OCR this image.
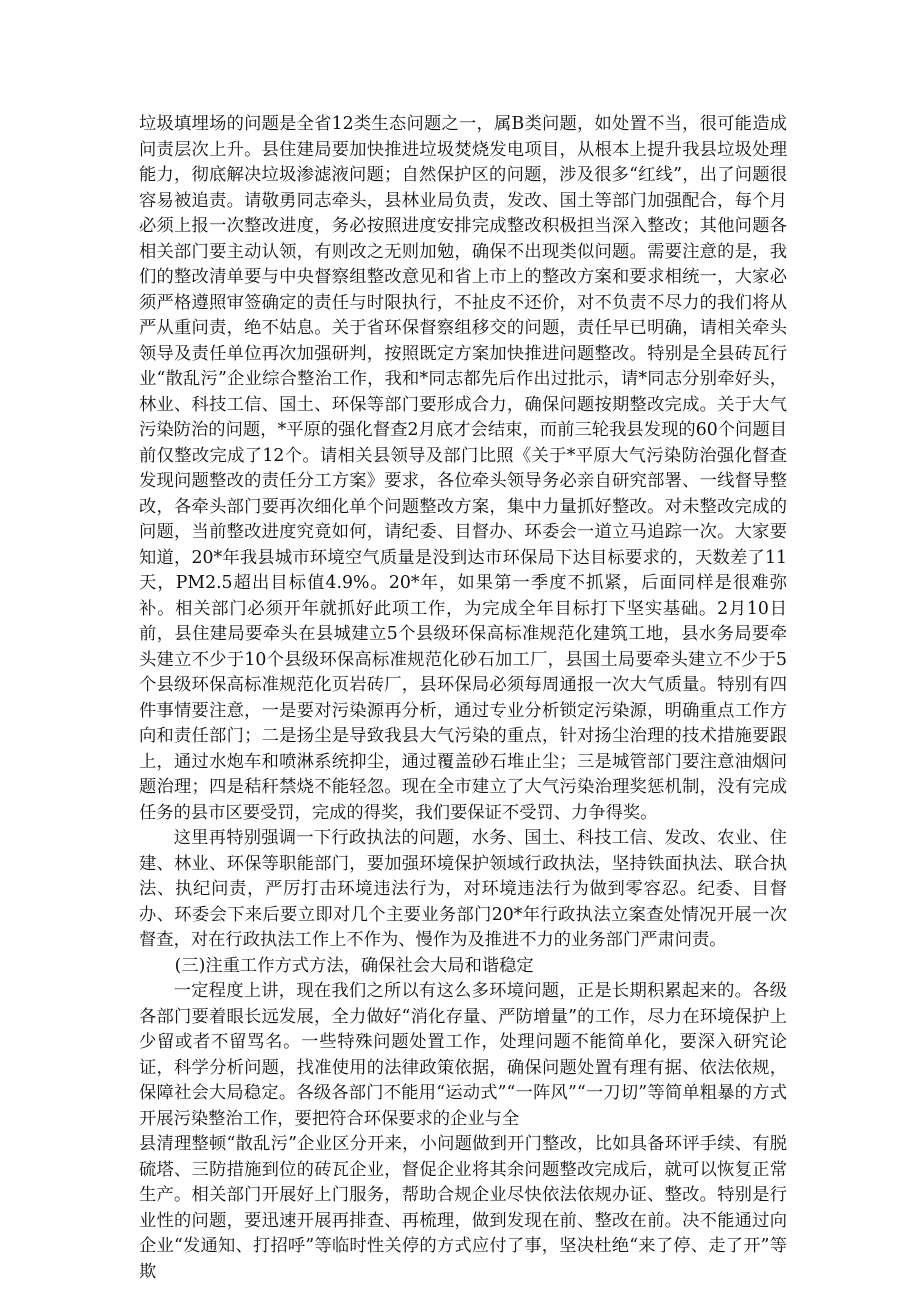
垃圾填埋场的问题是全省12类生态问题之一，属B类问题，如处置不当，很可能造成问责层次上升。县住建局要加快推进垃圾焚烧发电项目，从根本上提升我县垃圾处理能力，彻底解决垃圾渗滤液问题；自然保护区的问题，涉及很多“红线”，出了问题很容易被追责。请敬勇同志牵头，县林业局负责，发改、国土等部门加强配合，每个月必须上报一次整改进度，务必按照进度安排完成整改积极担当深入整改；其他问题各相关部门要主动认领，有则改之无则加勉，确保不出现类似问题。需要注意的是，我们的整改清单要与中央督察组整改意见和省上市上的整改方案和要求相统一，大家必须严格遵照审签确定的责任与时限执行，不扯皮不还价，对不负责不尽力的我们将从严从重问责，绝不姑息。关于省环保督察组移交的问题，责任早已明确，请相关牵头领导及责任单位再次加强研判，按照既定方案加快推进问题整改。特别是全县砖瓦行业“散乱污”企业综合整治工作，我和*同志都先后作出过批示，请*同志分别牵好头，林业、科技工信、国土、环保等部门要形成合力，确保问题按期整改完成。关于大气污染防治的问题，*平原的强化督查2月底才会结束，而前三轮我县发现的60个问题目前仅整改完成了12个。请相关县领导及部门比照《关于*平原大气污染防治强化督查发现问题整改的责任分工方案》要求，各位牵头领导务必亲自研究部署、一线督导整改，各牵头部门要再次细化单个问题整改方案，集中力量抓好整改。对未整改完成的问题，当前整改进度究竟如何，请纪委、目督办、环委会一道立马追踪一次。大家要知道，20*年我县城市环境空气质量是没到达市环保局下达目标要求的，天数差了11天，PM2.5超出目标值4.9%。20*年，如果第一季度不抓紧，后面同样是很难弥补。相关部门必须开年就抓好此项工作，为完成全年目标打下坚实基础。2月10日前，县住建局要牵头在县城建立5个县级环保高标准规范化建筑工地，县水务局要牵头建立不少于10个县级环保高标准规范化砂石加工厂，县国土局要牵头建立不少于5个县级环保高标准规范化页岩砖厂，县环保局必须每周通报一次大气质量。特别有四件事情要注意，一是要对污染源再分析，通过专业分析锁定污染源，明确重点工作方向和责任部门；二是扬尘是导致我县大气污染的重点，针对扬尘治理的技术措施要跟上，通过水炮车和喷淋系统抑尘，通过覆盖砂石堆止尘；三是城管部门要注意油烟问题治理；四是秸秆禁烧不能轻忽。现在全市建立了大气污染治理奖惩机制，没有完成任务的县市区要受罚，完成的得奖，我们要保证不受罚、力争得奖。

这里再特别强调一下行政执法的问题，水务、国土、科技工信、发改、农业、住建、林业、环保等职能部门，要加强环境保护领域行政执法，坚持铁面执法、联合执法、执纪问责，严厉打击环境违法行为，对环境违法行为做到零容忍。纪委、目督办、环委会下来后要立即对几个主要业务部门20*年行政执法立案查处情况开展一次督查，对在行政执法工作上不作为、慢作为及推进不力的业务部门严肃问责。

(三)注重工作方式方法，确保社会大局和谐稳定

一定程度上讲，现在我们之所以有这么多环境问题，正是长期积累起来的。各级各部门要着眼长远发展，全力做好“消化存量、严防增量”的工作，尽力在环境保护上少留或者不留骂名。一些特殊问题处置工作，处理问题不能简单化，要深入研究论证，科学分析问题，找准使用的法律政策依据，确保问题处置有理有据、依法依规，保障社会大局稳定。各级各部门不能用“运动式”“一阵风”“一刀切”等简单粗暴的方式开展污染整治工作，要把符合环保要求的企业与全

县清理整顿“散乱污”企业区分开来，小问题做到开门整改，比如具备环评手续、有脱硫塔、三防措施到位的砖瓦企业，督促企业将其余问题整改完成后，就可以恢复正常生产。相关部门开展好上门服务，帮助合规企业尽快依法依规办证、整改。特别是行业性的问题，要迅速开展再排查、再梳理，做到发现在前、整改在前。决不能通过向企业“发通知、打招呼”等临时性关停的方式应付了事，坚决杜绝“来了停、走了开”等欺
